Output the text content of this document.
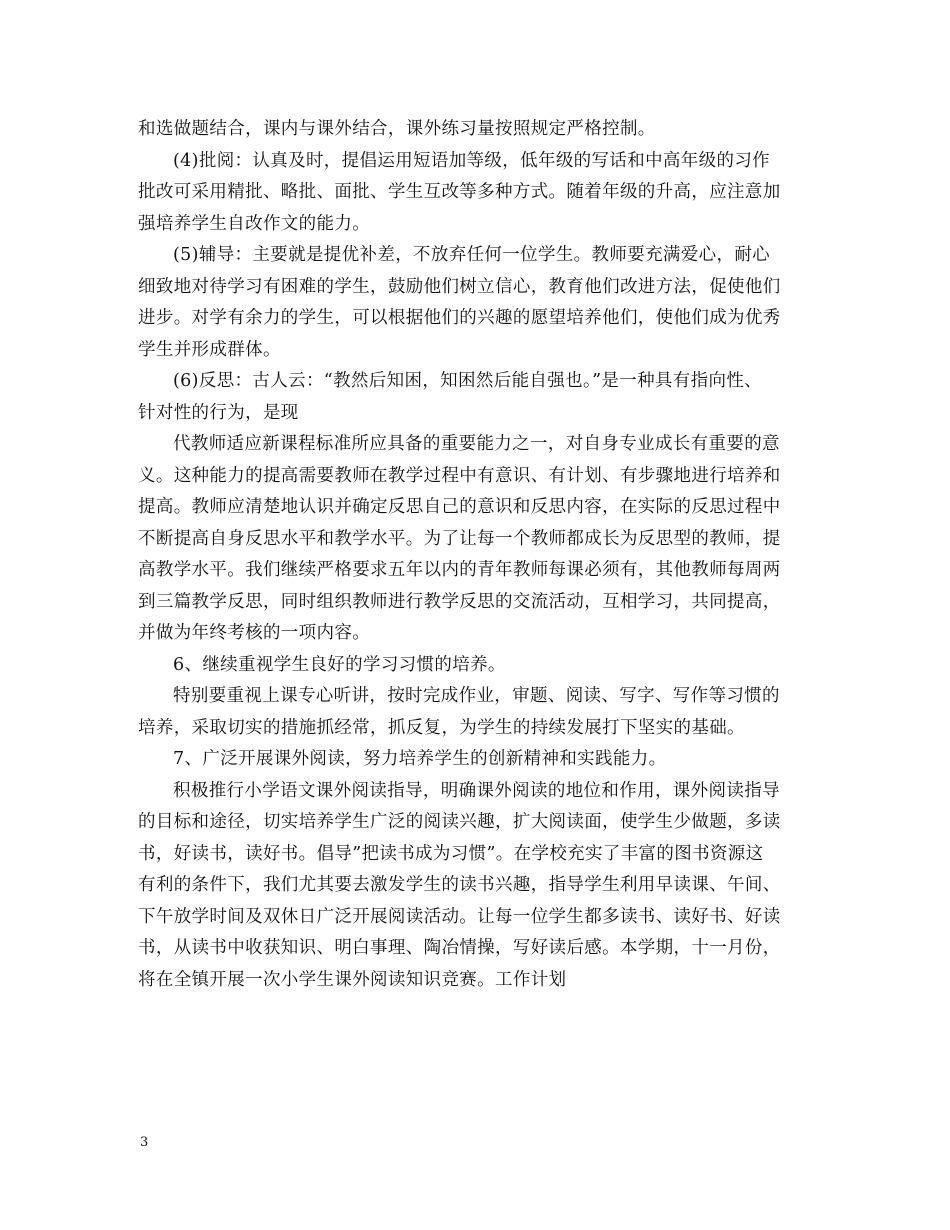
和选做题结合，课内与课外结合，课外练习量按照规定严格控制。
(4)批阅：认真及时，提倡运用短语加等级，低年级的写话和中高年级的习作
批改可采用精批、略批、面批、学生互改等多种方式。随着年级的升高，应注意加
强培养学生自改作文的能力。
(5)辅导：主要就是提优补差，不放弃任何一位学生。教师要充满爱心，耐心
细致地对待学习有困难的学生，鼓励他们树立信心，教育他们改进方法，促使他们
进步。对学有余力的学生，可以根据他们的兴趣的愿望培养他们，使他们成为优秀
学生并形成群体。
(6)反思：古人云：“教然后知困，知困然后能自强也。”是一种具有指向性、
针对性的行为，是现
代教师适应新课程标准所应具备的重要能力之一，对自身专业成长有重要的意
义。这种能力的提高需要教师在教学过程中有意识、有计划、有步骤地进行培养和
提高。教师应清楚地认识并确定反思自己的意识和反思内容，在实际的反思过程中
不断提高自身反思水平和教学水平。为了让每一个教师都成长为反思型的教师，提
高教学水平。我们继续严格要求五年以内的青年教师每课必须有，其他教师每周两
到三篇教学反思，同时组织教师进行教学反思的交流活动，互相学习，共同提高，
并做为年终考核的一项内容。
6、继续重视学生良好的学习习惯的培养。
特别要重视上课专心听讲，按时完成作业，审题、阅读、写字、写作等习惯的
培养，采取切实的措施抓经常，抓反复，为学生的持续发展打下坚实的基础。
7、广泛开展课外阅读，努力培养学生的创新精神和实践能力。
积极推行小学语文课外阅读指导，明确课外阅读的地位和作用，课外阅读指导
的目标和途径，切实培养学生广泛的阅读兴趣，扩大阅读面，使学生少做题，多读
书，好读书，读好书。倡导”把读书成为习惯”。在学校充实了丰富的图书资源这
有利的条件下，我们尤其要去激发学生的读书兴趣，指导学生利用早读课、午间、
下午放学时间及双休日广泛开展阅读活动。让每一位学生都多读书、读好书、好读
书，从读书中收获知识、明白事理、陶冶情操，写好读后感。本学期，十一月份，
将在全镇开展一次小学生课外阅读知识竞赛。工作计划
3
